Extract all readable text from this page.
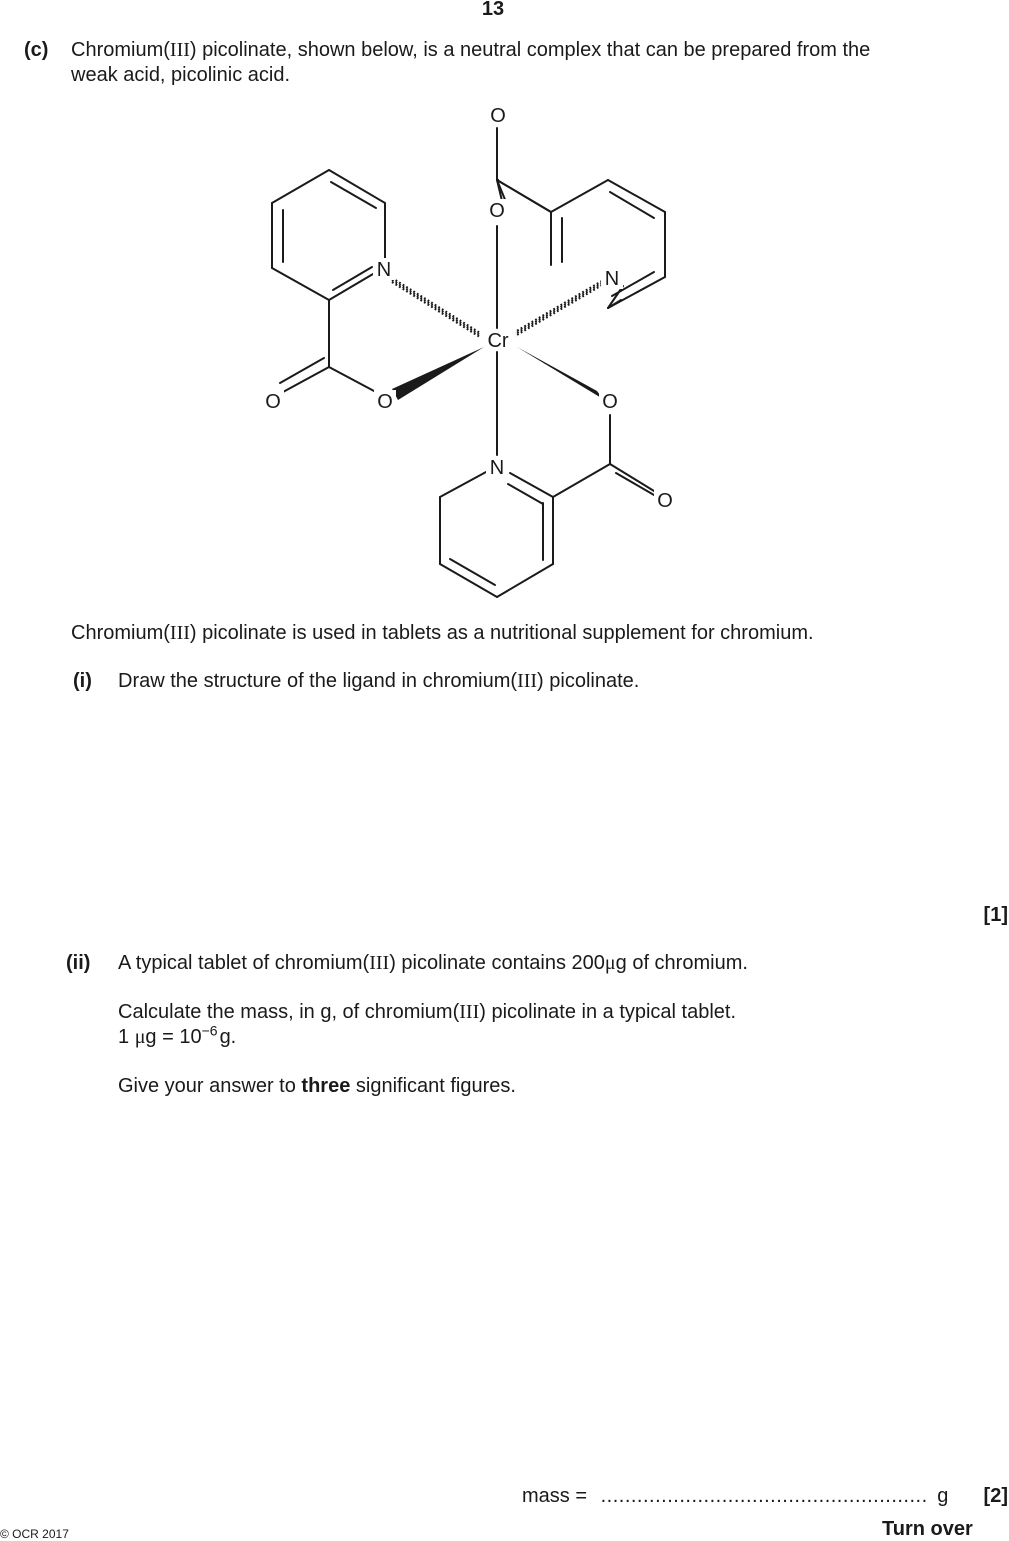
13
(c) Chromium(III) picolinate, shown below, is a neutral complex that can be prepared from the
weak acid, picolinic acid.
O
O
N	N
Cr
O	O	O
N
O
Chromium(III) picolinate is used in tablets as a nutritional supplement for chromium.
(i) Draw the structure of the ligand in chromium(III) picolinate.
[1]
(ii) A typical tablet of chromium(III) picolinate contains 200μg of chromium.
Calculate the mass, in g, of chromium(III) picolinate in a typical tablet.
1 $\mu g = 10^{-6}$ g.
Give your answer to three significant figures.
mass = ...................................................... g	[2]
© OCR 2017	Turn over
